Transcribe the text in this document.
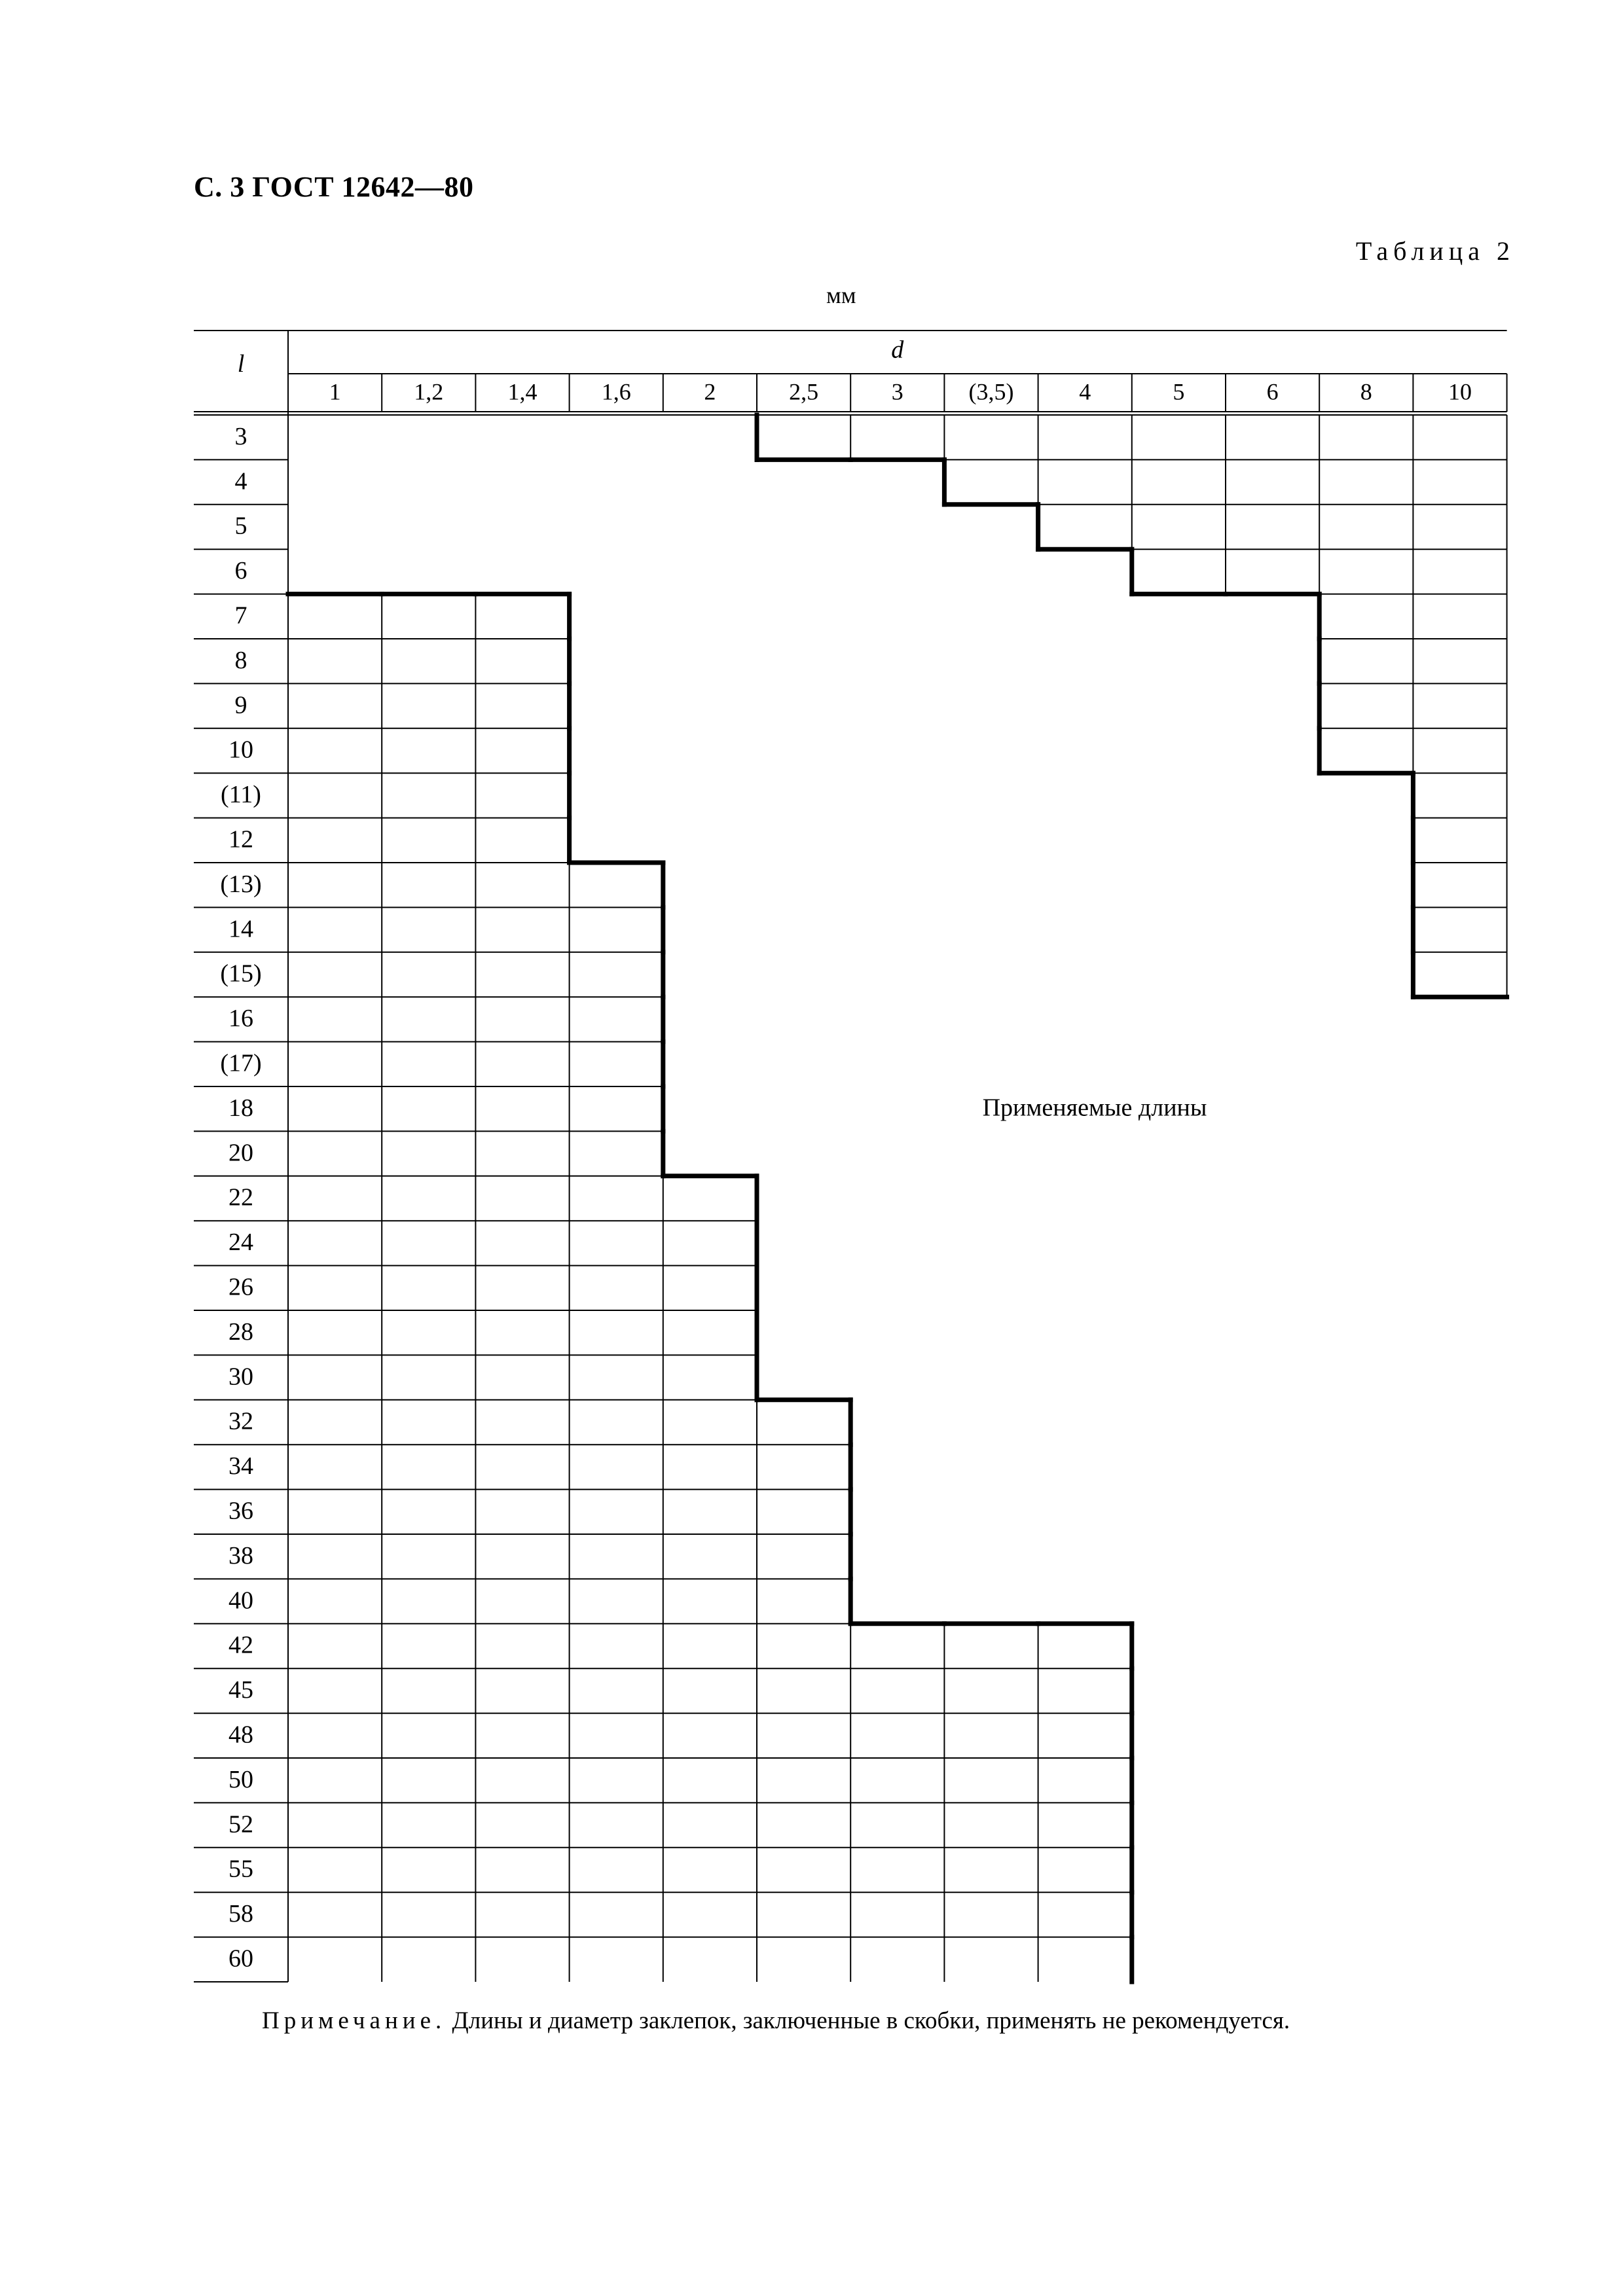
С. 3 ГОСТ 12642—80
Таблица 2
мм
l
d
1	1,2	1,4	1,6	2	2,5	3	(3,5)	4	5	6	8	10
3
4
5
6
7
8
9
10
(11)
12
(13)
14
(15)
16
(17)
18
20
22
24
26
28
30
32
34
36
38
40
42
45
48
50
52
55
58
60
Применяемые длины
Примечание. Длины и диаметр заклепок, заключенные в скобки, применять не рекомендуется.
